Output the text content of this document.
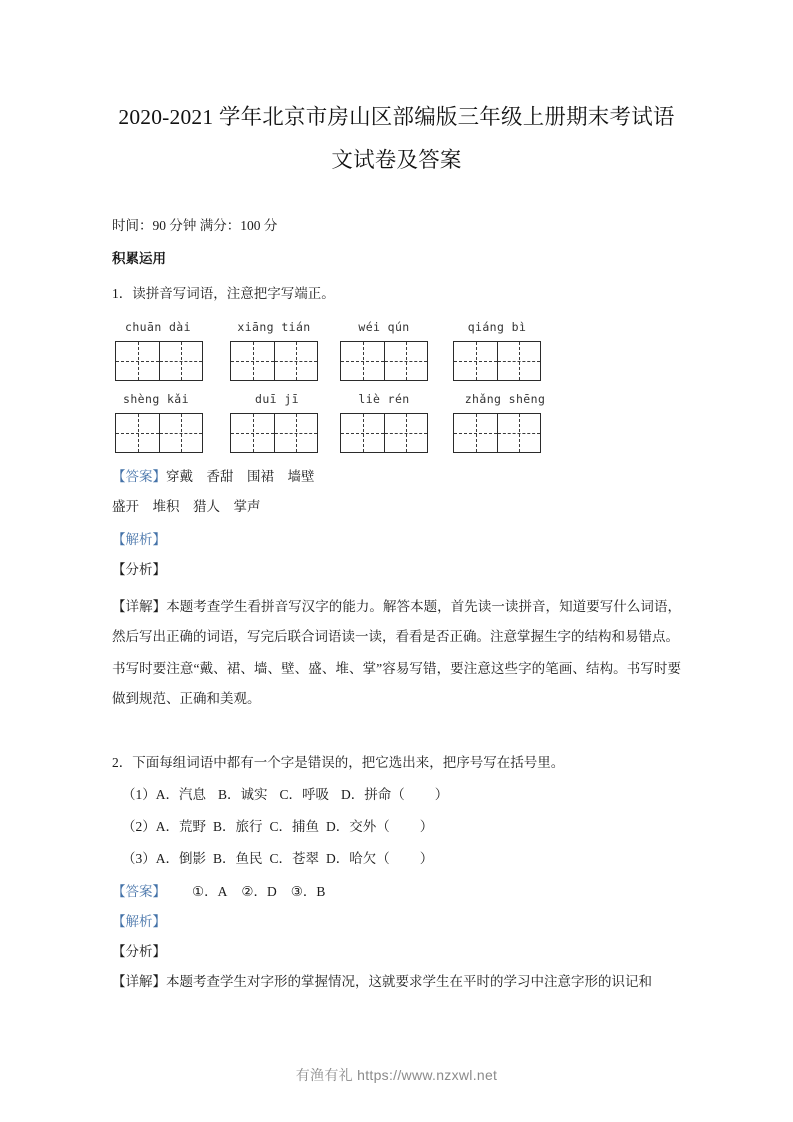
2020-2021 学年北京市房山区部编版三年级上册期末考试语文试卷及答案

时间：90 分钟 满分：100 分

积累运用

1．读拼音写词语，注意把字写端正。

chuān dài	xiāng tián	wéi qún	qiáng bì
shèng kǎi	duī jī	liè rén	zhǎng shēng

【答案】穿戴　香甜　围裙　墙壁

盛开　堆积　猎人　掌声

【解析】

【分析】

【详解】本题考查学生看拼音写汉字的能力。解答本题，首先读一读拼音，知道要写什么词语，然后写出正确的词语，写完后联合词语读一读，看看是否正确。注意掌握生字的结构和易错点。

书写时要注意“戴、裙、墙、壁、盛、堆、掌”容易写错，要注意这些字的笔画、结构。书写时要做到规范、正确和美观。

2．下面每组词语中都有一个字是错误的，把它选出来，把序号写在括号里。

（1）A．汽息 B．诚实 C．呼吸 D．拼命（ ）

（2）A．荒野 B．旅行 C．捕鱼 D．交外（ ）

（3）A．倒影 B．鱼民 C．苍翠 D．哈欠（ ）

【答案】 ①．A ②．D ③．B

【解析】

【分析】

【详解】本题考查学生对字形的掌握情况，这就要求学生在平时的学习中注意字形的识记和

有渔有礼 https://www.nzxwl.net
